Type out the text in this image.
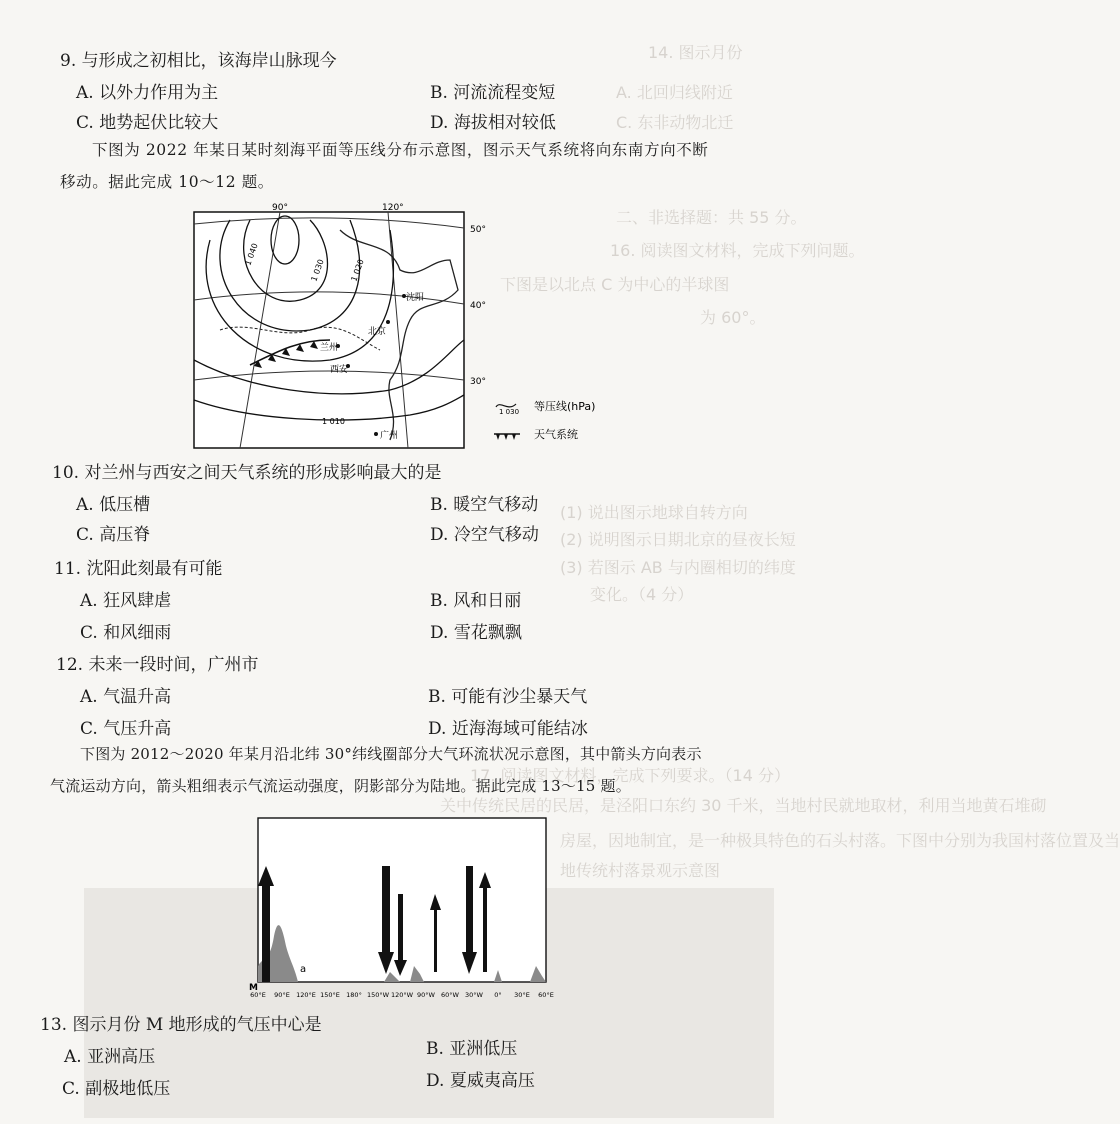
14. 图示月份
A. 北回归线附近
C. 东非动物北迁
二、非选择题：共 55 分。
16. 阅读图文材料，完成下列问题。
下图是以北点 C 为中心的半球图
为 60°。
(1) 说出图示地球自转方向
(2) 说明图示日期北京的昼夜长短
(3) 若图示 AB 与内圈相切的纬度
变化。（4 分）
17. 阅读图文材料，完成下列要求。（14 分）
关中传统民居的民居，是泾阳口东约 30 千米，当地村民就地取材，利用当地黄石堆砌
房屋，因地制宜，是一种极具特色的石头村落。下图中分别为我国村落位置及当
地传统村落景观示意图
9. 与形成之初相比，该海岸山脉现今
A. 以外力作用为主	B. 河流流程变短
C. 地势起伏比较大	D. 海拔相对较低
下图为 2022 年某日某时刻海平面等压线分布示意图，图示天气系统将向东南方向不断
移动。据此完成 10～12 题。
90°	120°
50°
40°
30°
1 040
1 030	1 020
1 010
沈阳
北京
兰州
西安
广州
1 030 等压线(hPa)
天气系统
10. 对兰州与西安之间天气系统的形成影响最大的是
A. 低压槽	B. 暖空气移动
C. 高压脊	D. 冷空气移动
11. 沈阳此刻最有可能
A. 狂风肆虐	B. 风和日丽
C. 和风细雨	D. 雪花飘飘
12. 未来一段时间，广州市
A. 气温升高	B. 可能有沙尘暴天气
C. 气压升高	D. 近海海域可能结冰
下图为 2012～2020 年某月沿北纬 30°纬线圈部分大气环流状况示意图，其中箭头方向表示
气流运动方向，箭头粗细表示气流运动强度，阴影部分为陆地。据此完成 13～15 题。
M
a
60°E 90°E 120°E 150°E 180° 150°W 120°W 90°W 60°W 30°W 0° 30°E 60°E
13. 图示月份 M 地形成的气压中心是
A. 亚洲高压	B. 亚洲低压
C. 副极地低压	D. 夏威夷高压
